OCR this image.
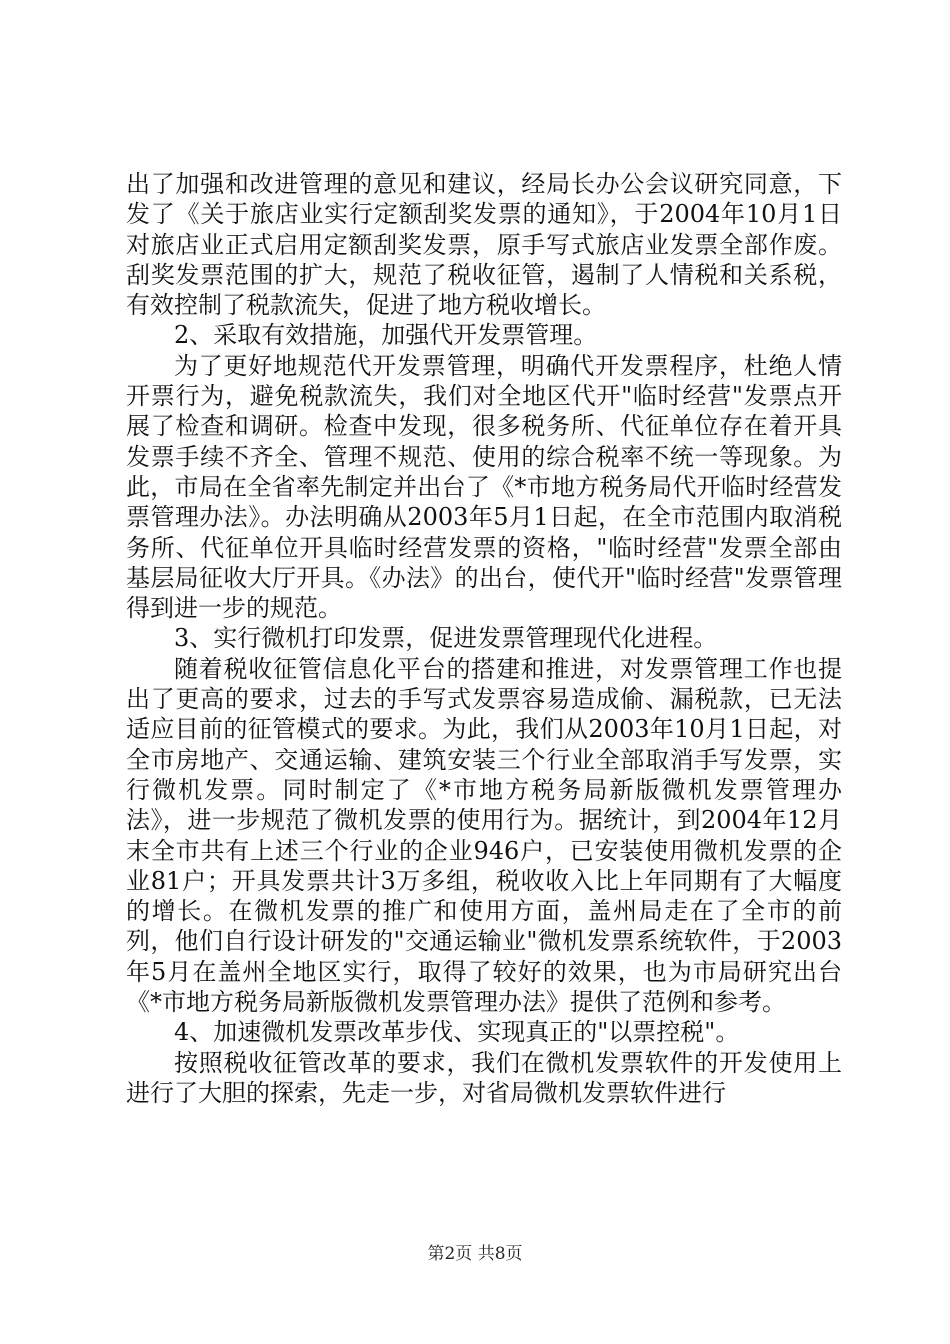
出了加强和改进管理的意见和建议，经局长办公会议研究同意，下发了《关于旅店业实行定额刮奖发票的通知》，于2004年10月1日对旅店业正式启用定额刮奖发票，原手写式旅店业发票全部作废。刮奖发票范围的扩大，规范了税收征管，遏制了人情税和关系税，有效控制了税款流失，促进了地方税收增长。

2、采取有效措施，加强代开发票管理。

为了更好地规范代开发票管理，明确代开发票程序，杜绝人情开票行为，避免税款流失，我们对全地区代开"临时经营"发票点开展了检查和调研。检查中发现，很多税务所、代征单位存在着开具发票手续不齐全、管理不规范、使用的综合税率不统一等现象。为此，市局在全省率先制定并出台了《*市地方税务局代开临时经营发票管理办法》。办法明确从2003年5月1日起，在全市范围内取消税务所、代征单位开具临时经营发票的资格，"临时经营"发票全部由基层局征收大厅开具。《办法》的出台，使代开"临时经营"发票管理得到进一步的规范。

3、实行微机打印发票，促进发票管理现代化进程。

随着税收征管信息化平台的搭建和推进，对发票管理工作也提出了更高的要求，过去的手写式发票容易造成偷、漏税款，已无法适应目前的征管模式的要求。为此，我们从2003年10月1日起，对全市房地产、交通运输、建筑安装三个行业全部取消手写发票，实行微机发票。同时制定了《*市地方税务局新版微机发票管理办法》，进一步规范了微机发票的使用行为。据统计，到2004年12月末全市共有上述三个行业的企业946户，已安装使用微机发票的企业81户；开具发票共计3万多组，税收收入比上年同期有了大幅度的增长。在微机发票的推广和使用方面，盖州局走在了全市的前列，他们自行设计研发的"交通运输业"微机发票系统软件，于2003年5月在盖州全地区实行，取得了较好的效果，也为市局研究出台《*市地方税务局新版微机发票管理办法》提供了范例和参考。

4、加速微机发票改革步伐、实现真正的"以票控税"。

按照税收征管改革的要求，我们在微机发票软件的开发使用上进行了大胆的探索，先走一步，对省局微机发票软件进行

第2页 共8页
